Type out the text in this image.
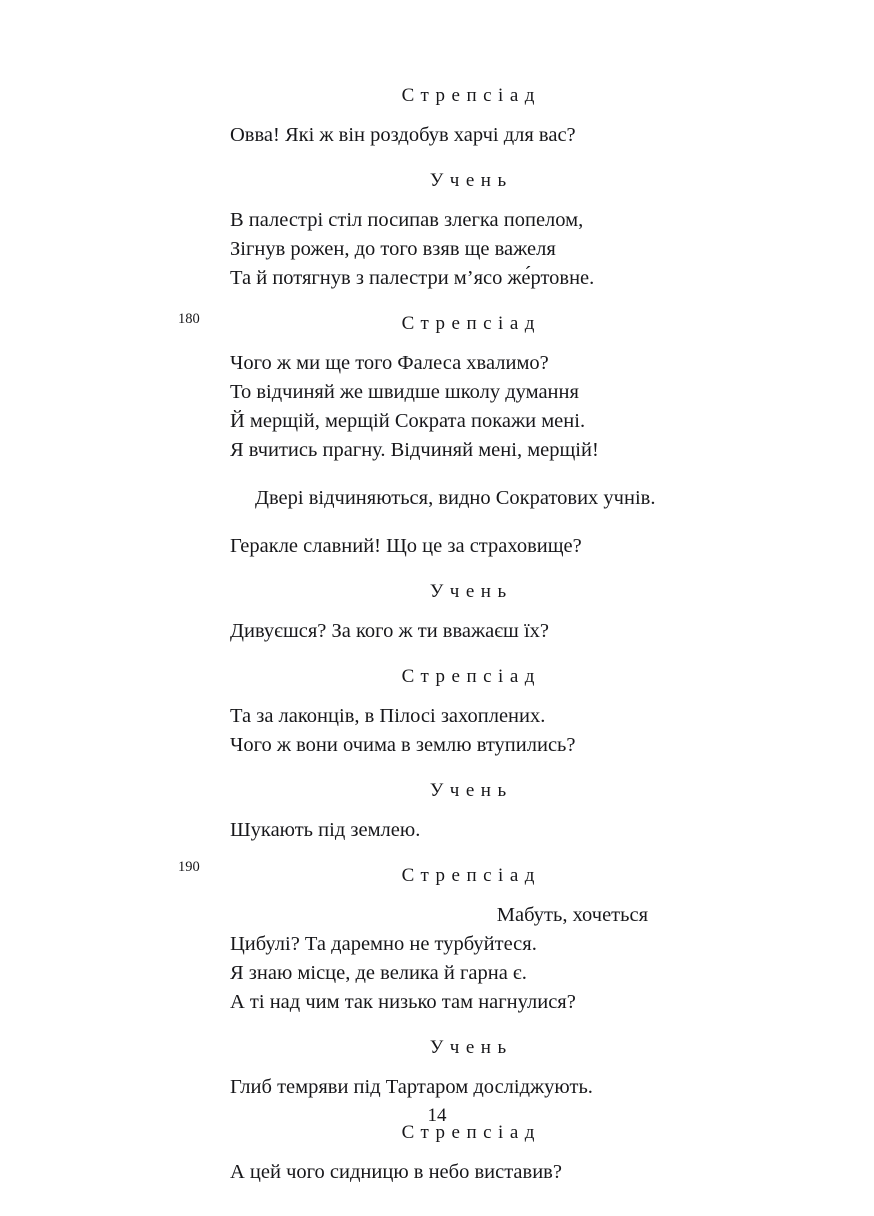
Стрепсіад
Овва! Які ж він роздобув харчі для вас?
Учень
В палестрі стіл посипав злегка попелом,
Зігнув рожен, до того взяв ще важеля
Та й потягнув з палестри м’ясо же́ртовне.
Стрепсіад
Чого ж ми ще того Фалеса хвалимо?
То відчиняй же швидше школу думання
Й мерщій, мерщій Сократа покажи мені.
Я вчитись прагну. Відчиняй мені, мерщій!
Двері відчиняються, видно Сократових учнів.
Геракле славний! Що це за страховище?
Учень
Дивуєшся? За кого ж ти вважаєш їх?
Стрепсіад
Та за лаконців, в Пілосі захоплених.
Чого ж вони очима в землю втупились?
Учень
Шукають під землею.
Стрепсіад
Мабуть, хочеться
Цибулі? Та даремно не турбуйтеся.
Я знаю місце, де велика й гарна є.
А ті над чим так низько там нагнулися?
Учень
Глиб темряви під Тартаром досліджують.
Стрепсіад
А цей чого сидницю в небо виставив?
180
190
14
